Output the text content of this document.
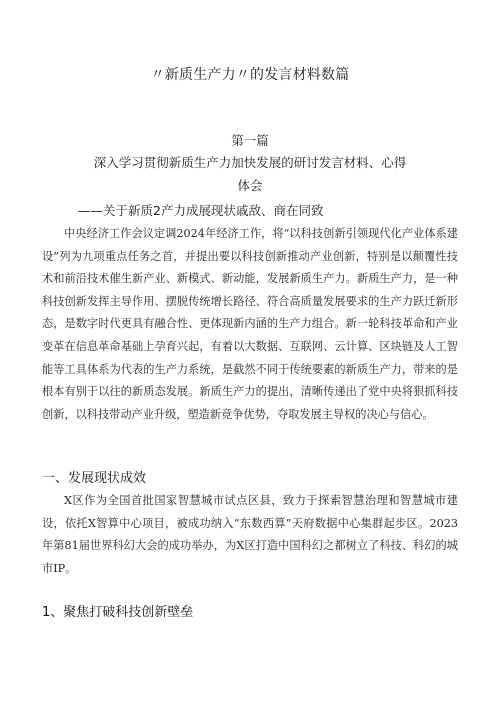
〃新质生产力〃的发言材料数篇
第一篇
深入学习贯彻新质生产力加快发展的研讨发言材料、心得
体会
——关于新质2产力成展现状戚敌、商在同致
中央经济工作会议定调2024年经济工作，将“以科技创新引领现代化产业体系建设”列为九项重点任务之首，并提出要以科技创新推动产业创新，特别是以颠覆性技术和前沿技术催生新产业、新模式、新动能，发展新质生产力。新质生产力，是一种科技创新发挥主导作用、摆脱传统增长路径、符合高质量发展要求的生产力跃迁新形态，是数字时代更具有融合性、更体现新内涵的生产力组合。新一轮科技革命和产业变革在信息革命基础上孕育兴起，有着以大数据、互联网、云计算、区块链及人工智能等工具体系为代表的生产力系统，是截然不同于传统要素的新质生产力，带来的是根本有别于以往的新质态发展。新质生产力的提出，清晰传递出了党中央将狠抓科技创新，以科技带动产业升级，塑造新竞争优势，夺取发展主导权的决心与信心。
一、发展现状成效
X区作为全国首批国家智慧城市试点区县，致力于探索智慧治理和智慧城市建设，依托X智算中心项目，被成功纳入“东数西算”天府数据中心集群起步区。2023年第81届世界科幻大会的成功举办，为X区打造中国科幻之都树立了科技、科幻的城市IP。
1、聚焦打破科技创新壁垒
